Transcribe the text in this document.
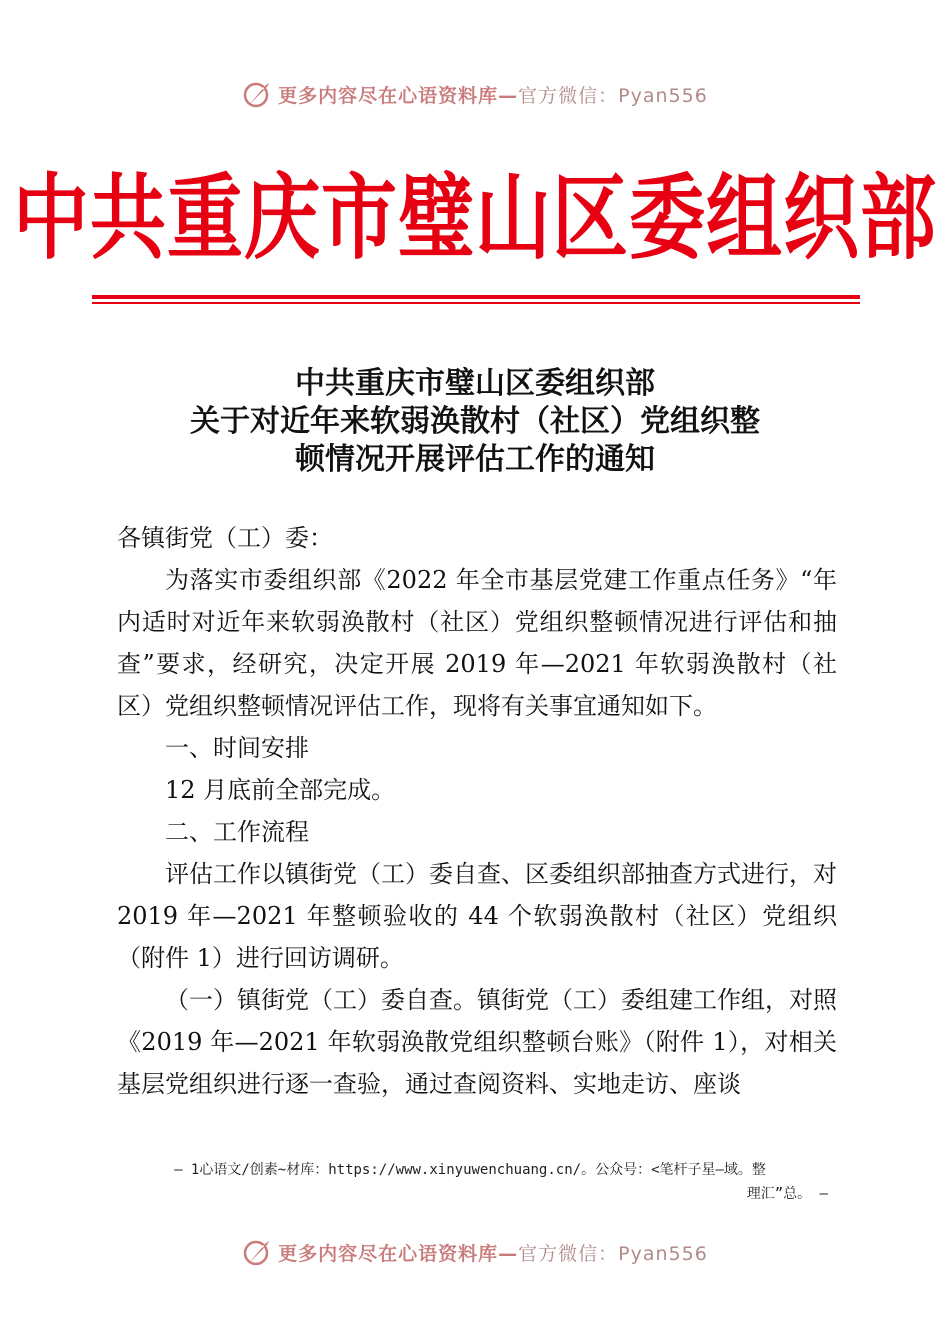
更多内容尽在心语资料库— 官方微信：Pyan556
中共重庆市璧山区委组织部
中共重庆市璧山区委组织部
关于对近年来软弱涣散村（社区）党组织整
顿情况开展评估工作的通知

各镇街党（工）委：

为落实市委组织部《2022 年全市基层党建工作重点任务》“年内适时对近年来软弱涣散村（社区）党组织整顿情况进行评估和抽查”要求，经研究，决定开展 2019 年—2021 年软弱涣散村（社区）党组织整顿情况评估工作，现将有关事宜通知如下。

一、时间安排

12 月底前全部完成。

二、工作流程

评估工作以镇街党（工）委自查、区委组织部抽查方式进行，对 2019 年—2021 年整顿验收的 44 个软弱涣散村（社区）党组织（附件 1）进行回访调研。

（一）镇街党（工）委自查。镇街党（工）委组建工作组，对照《2019 年—2021 年软弱涣散党组织整顿台账》（附件 1），对相关基层党组织进行逐一查验，通过查阅资料、实地走访、座谈

— 1心语文/创素~材库：https://www.xinyuwenchuang.cn/。公众号：<笔杆子星—域。整
理汇”总。 —
更多内容尽在心语资料库— 官方微信：Pyan556
